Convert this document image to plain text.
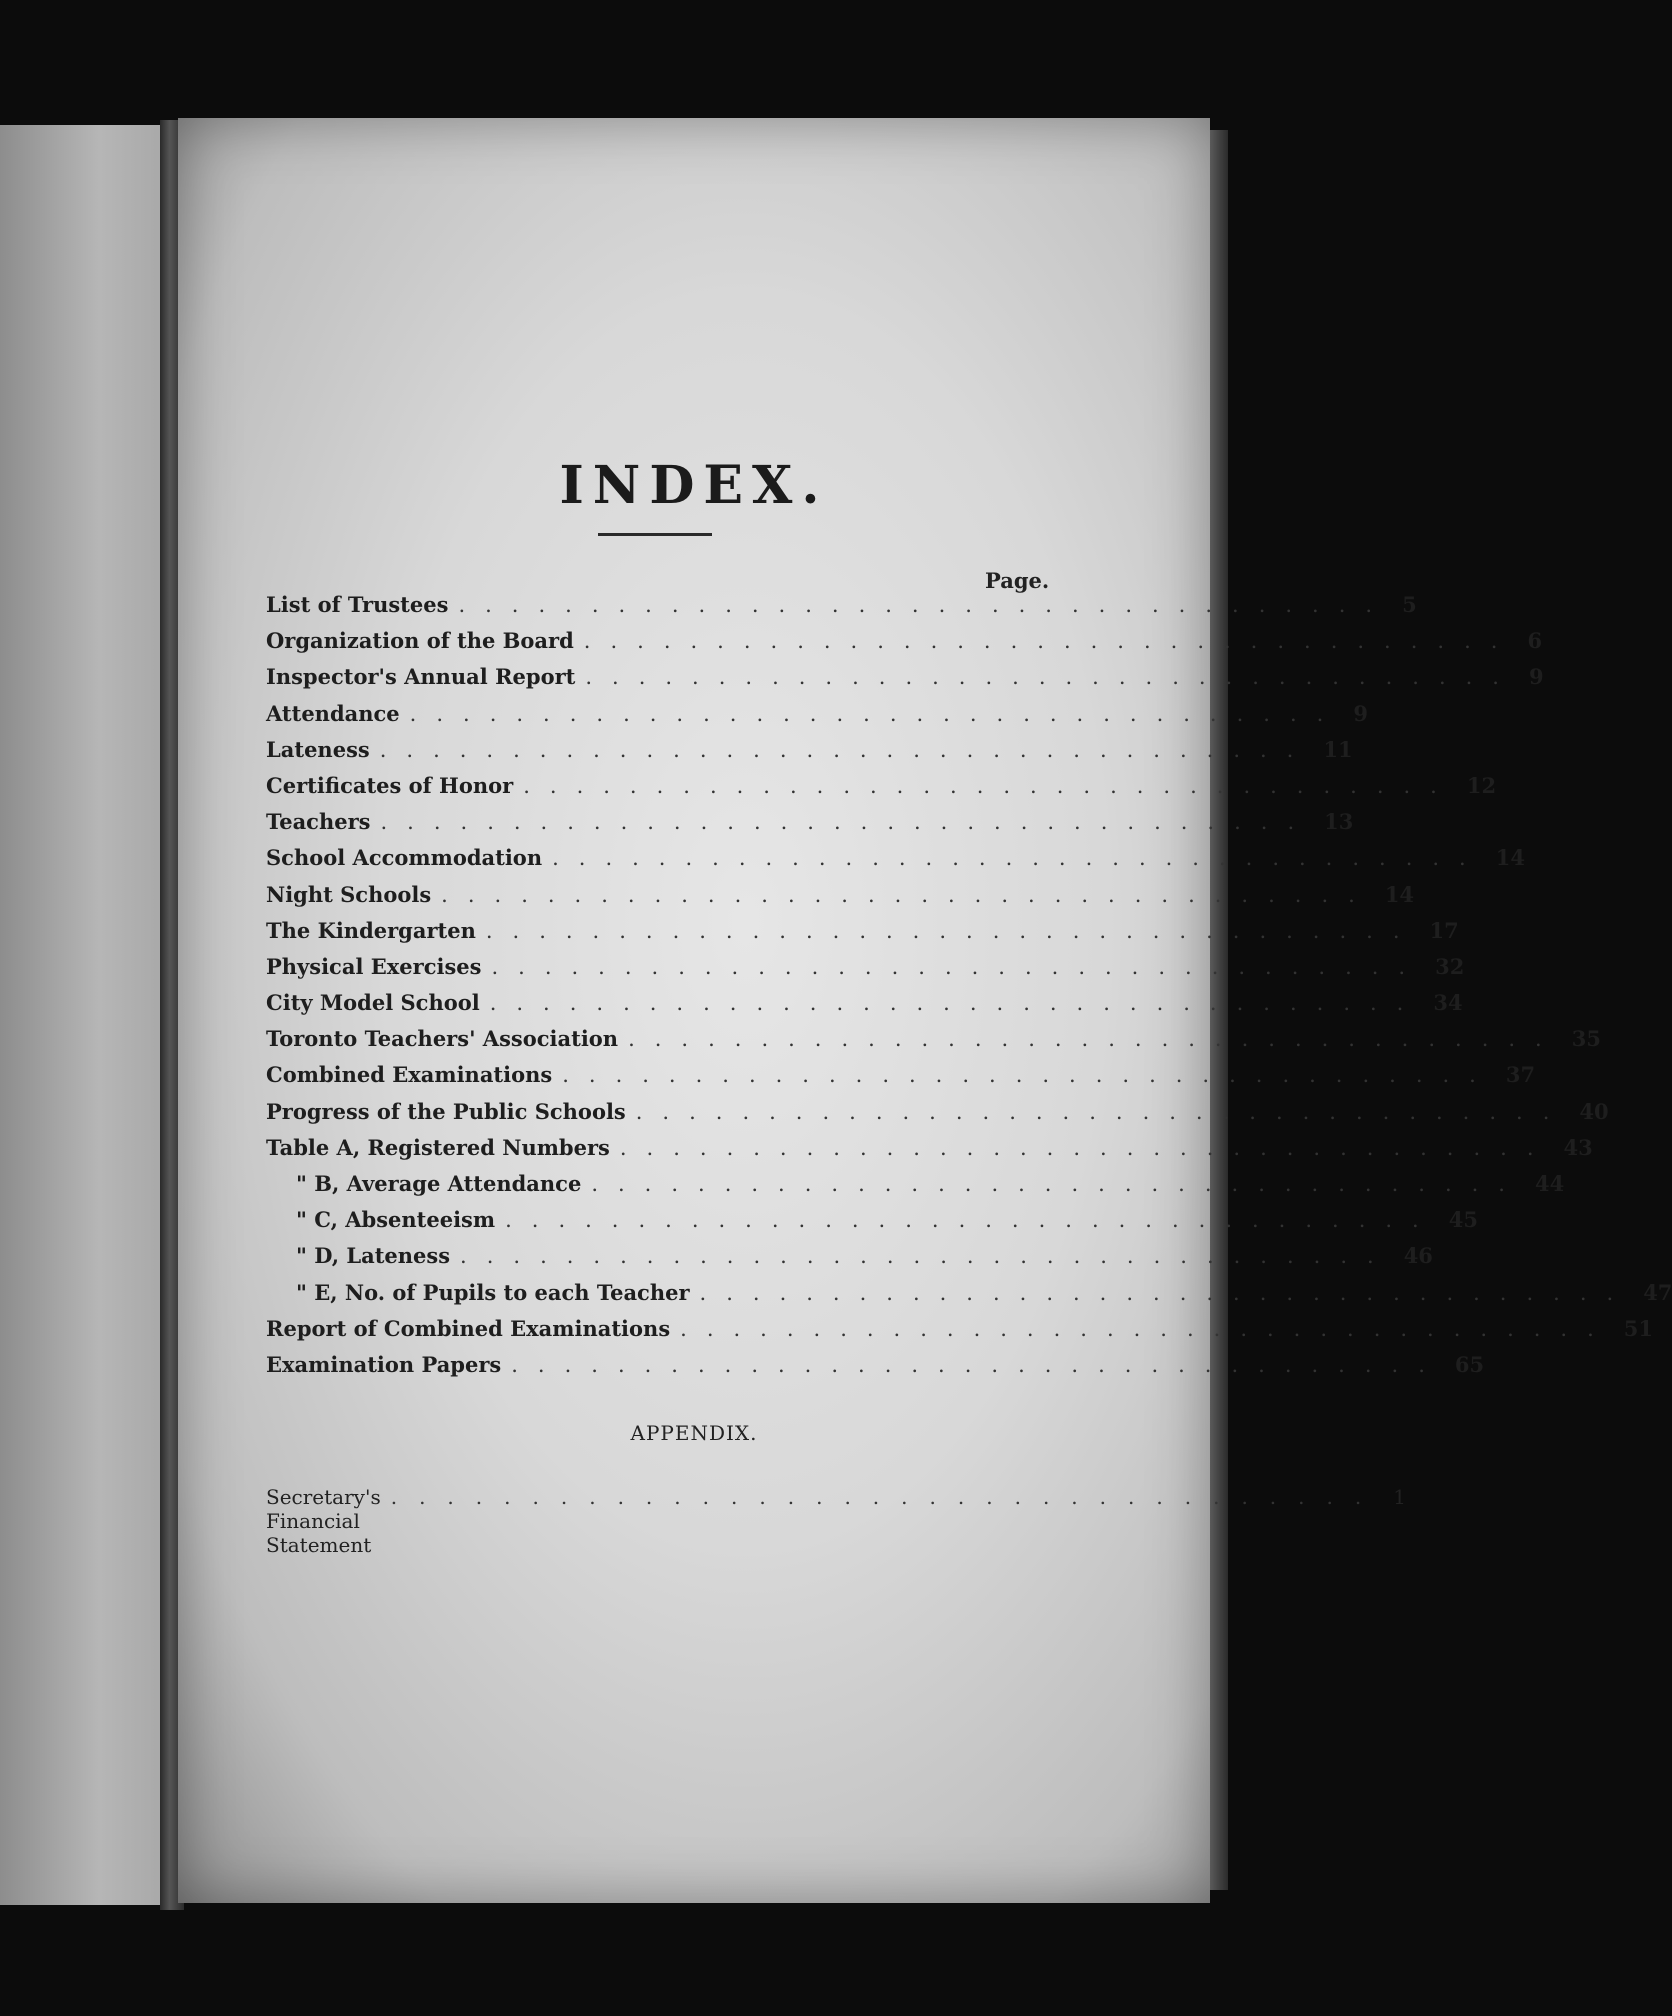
INDEX.
Page.
List of Trustees ................................... 5
Organization of the Board ................................... 6
Inspector's Annual Report ................................... 9
Attendance ................................... 9
Lateness ................................... 11
Certificates of Honor ................................... 12
Teachers ................................... 13
School Accommodation ................................... 14
Night Schools ................................... 14
The Kindergarten ................................... 17
Physical Exercises ................................... 32
City Model School ................................... 34
Toronto Teachers' Association ................................... 35
Combined Examinations ................................... 37
Progress of the Public Schools ................................... 40
Table A, Registered Numbers ................................... 43
" B, Average Attendance ................................... 44
" C, Absenteeism ................................... 45
" D, Lateness ................................... 46
" E, No. of Pupils to each Teacher ................................... 47
Report of Combined Examinations ................................... 51
Examination Papers ................................... 65
APPENDIX.
Secretary's Financial Statement
................................... 1
